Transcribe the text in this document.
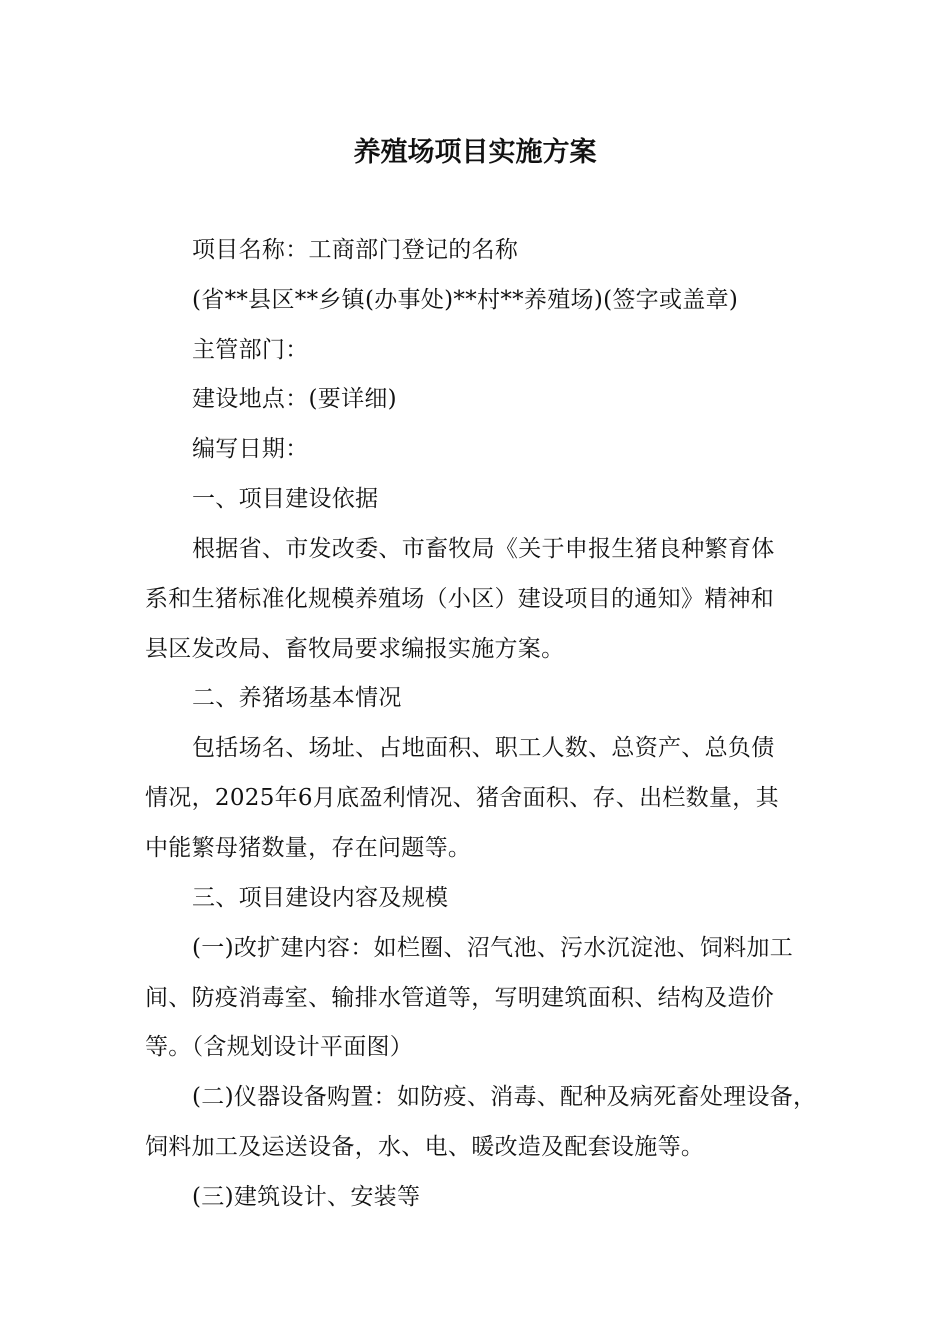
养殖场项目实施方案
项目名称：工商部门登记的名称
(省**县区**乡镇(办事处)**村**养殖场)(签字或盖章)
主管部门：
建设地点：(要详细)
编写日期：
一、项目建设依据
根据省、市发改委、市畜牧局《关于申报生猪良种繁育体
系和生猪标准化规模养殖场（小区）建设项目的通知》精神和
县区发改局、畜牧局要求编报实施方案。
二、养猪场基本情况
包括场名、场址、占地面积、职工人数、总资产、总负债
情况，2025年6月底盈利情况、猪舍面积、存、出栏数量，其
中能繁母猪数量，存在问题等。
三、项目建设内容及规模
(一)改扩建内容：如栏圈、沼气池、污水沉淀池、饲料加工
间、防疫消毒室、输排水管道等，写明建筑面积、结构及造价
等。（含规划设计平面图）
(二)仪器设备购置：如防疫、消毒、配种及病死畜处理设备，
饲料加工及运送设备，水、电、暖改造及配套设施等。
(三)建筑设计、安装等
